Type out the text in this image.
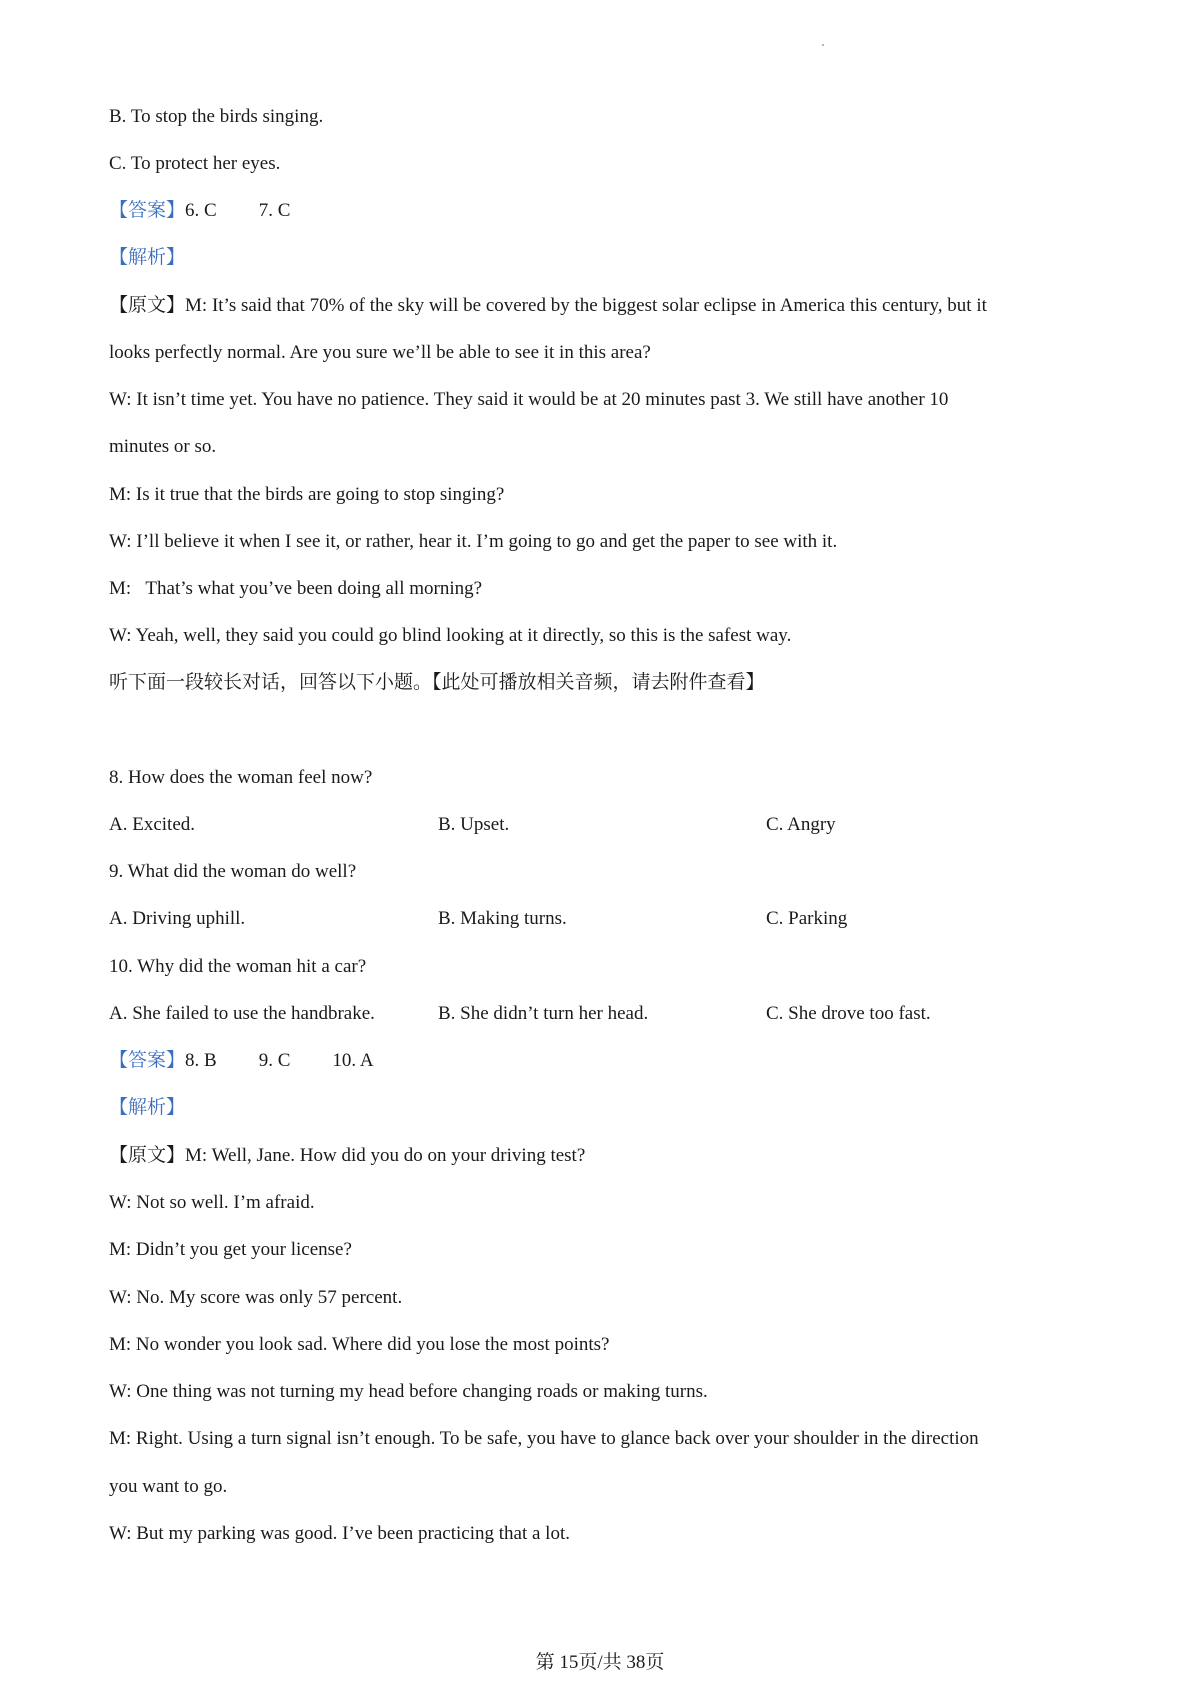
B. To stop the birds singing.
C. To protect her eyes.
【答案】6. C 7. C
【解析】
【原文】M: It’s said that 70% of the sky will be covered by the biggest solar eclipse in America this century, but it
looks perfectly normal. Are you sure we’ll be able to see it in this area?
W: It isn’t time yet. You have no patience. They said it would be at 20 minutes past 3. We still have another 10
minutes or so.
M: Is it true that the birds are going to stop singing?
W: I’ll believe it when I see it, or rather, hear it. I’m going to go and get the paper to see with it.
M:   That’s what you’ve been doing all morning?
W: Yeah, well, they said you could go blind looking at it directly, so this is the safest way.
听下面一段较长对话，回答以下小题。【此处可播放相关音频，请去附件查看】
8. How does the woman feel now?
A. Excited.	B. Upset.	C. Angry
9. What did the woman do well?
A. Driving uphill.	B. Making turns.	C. Parking
10. Why did the woman hit a car?
A. She failed to use the handbrake.	B. She didn’t turn her head.	C. She drove too fast.
【答案】8. B 9. C 10. A
【解析】
【原文】M: Well, Jane. How did you do on your driving test?
W: Not so well. I’m afraid.
M: Didn’t you get your license?
W: No. My score was only 57 percent.
M: No wonder you look sad. Where did you lose the most points?
W: One thing was not turning my head before changing roads or making turns.
M: Right. Using a turn signal isn’t enough. To be safe, you have to glance back over your shoulder in the direction
you want to go.
W: But my parking was good. I’ve been practicing that a lot.
第 15页/共 38页
